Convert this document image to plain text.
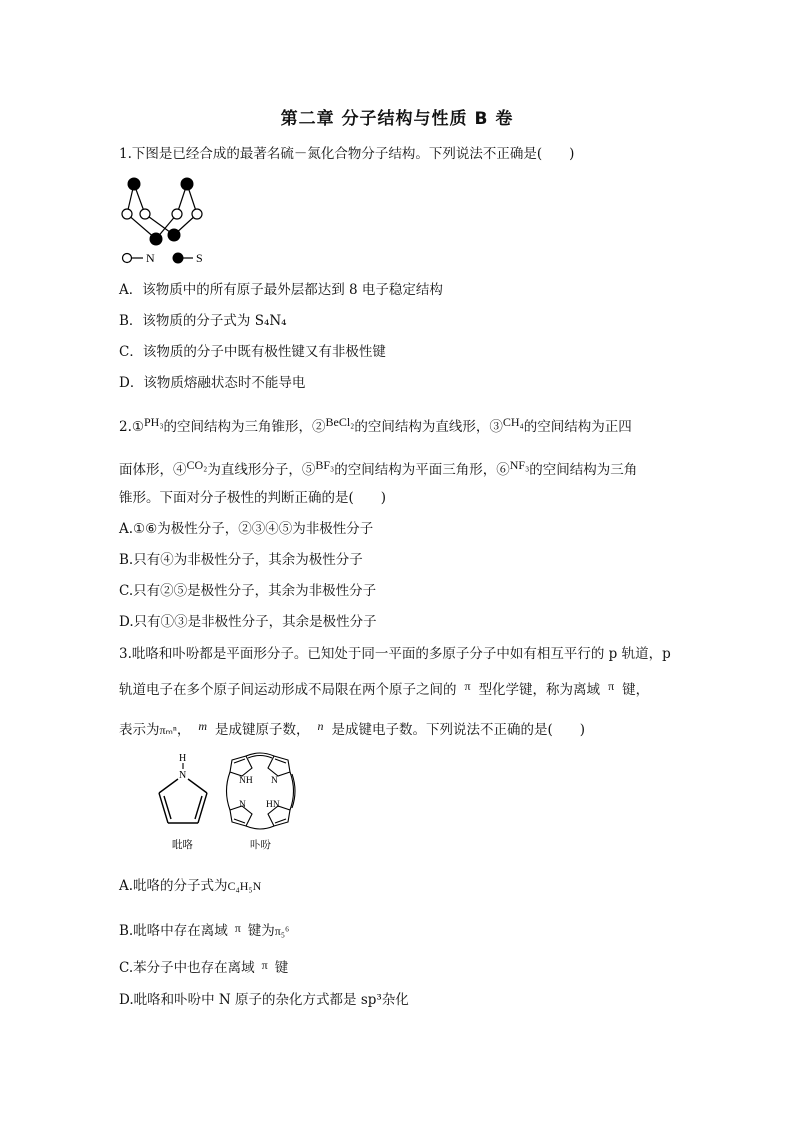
第二章 分子结构与性质 B 卷
1.下图是已经合成的最著名硫－氮化合物分子结构。下列说法不正确是(　　)
N	S
A．该物质中的所有原子最外层都达到 8 电子稳定结构
B．该物质的分子式为 S₄N₄
C．该物质的分子中既有极性键又有非极性键
D．该物质熔融状态时不能导电
2.①PH₃的空间结构为三角锥形，②BeCl₂的空间结构为直线形，③CH₄的空间结构为正四
面体形，④CO₂为直线形分子，⑤BF₃的空间结构为平面三角形，⑥NF₃的空间结构为三角
锥形。下面对分子极性的判断正确的是(　　)
A.①⑥为极性分子，②③④⑤为非极性分子
B.只有④为非极性分子，其余为极性分子
C.只有②⑤是极性分子，其余为非极性分子
D.只有①③是非极性分子，其余是极性分子
3.吡咯和卟吩都是平面形分子。已知处于同一平面的多原子分子中如有相互平行的 p 轨道，p
轨道电子在多个原子间运动形成不局限在两个原子之间的 π 型化学键，称为离域 π 键，
表示为πₘⁿ， m 是成键原子数， n 是成键电子数。下列说法不正确的是(　　)
H
N
吡咯
NH N
N HN
卟吩
A.吡咯的分子式为C₄H₅N
B.吡咯中存在离域 π 键为π₅⁶
C.苯分子中也存在离域 π 键
D.吡咯和卟吩中 N 原子的杂化方式都是 sp³杂化
